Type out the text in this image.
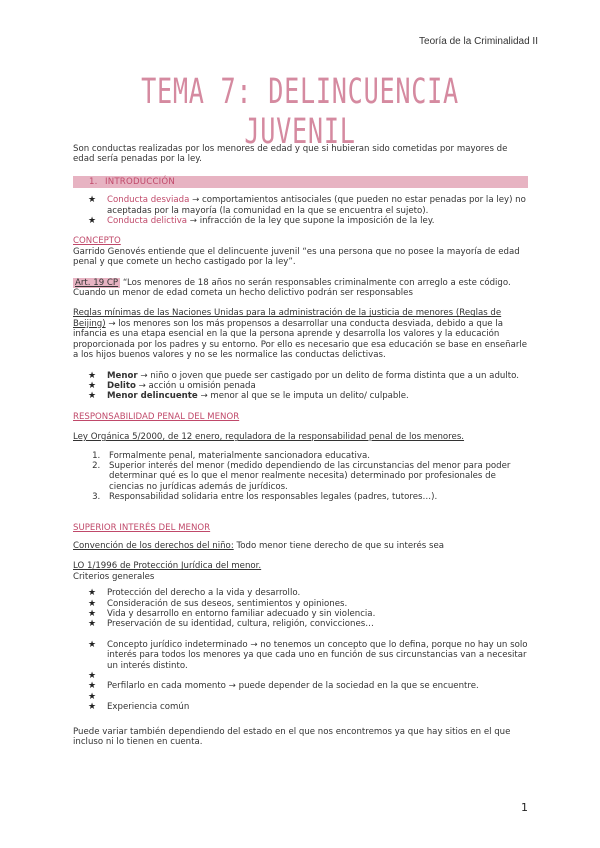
Teoría de la Criminalidad II
TEMA 7: DELINCUENCIA JUVENIL

Son conductas realizadas por los menores de edad y que si hubieran sido cometidas por mayores de edad sería penadas por la ley.

1. INTRODUCCIÓN
★ Conducta desviada → comportamientos antisociales (que pueden no estar penadas por la ley) no aceptadas por la mayoría (la comunidad en la que se encuentra el sujeto).
★ Conducta delictiva → infracción de la ley que supone la imposición de la ley.
CONCEPTO

Garrido Genovés entiende que el delincuente juvenil “es una persona que no posee la mayoría de edad penal y que comete un hecho castigado por la ley”.

Art. 19 CP “Los menores de 18 años no serán responsables criminalmente con arreglo a este código. Cuando un menor de edad cometa un hecho delictivo podrán ser responsables

Reglas mínimas de las Naciones Unidas para la administración de la justicia de menores (Reglas de Beijing) → los menores son los más propensos a desarrollar una conducta desviada, debido a que la infancia es una etapa esencial en la que la persona aprende y desarrolla los valores y la educación proporcionada por los padres y su entorno. Por ello es necesario que esa educación se base en enseñarle a los hijos buenos valores y no se les normalice las conductas delictivas.

★ Menor → niño o joven que puede ser castigado por un delito de forma distinta que a un adulto.
★ Delito → acción u omisión penada
★ Menor delincuente → menor al que se le imputa un delito/ culpable.
RESPONSABILIDAD PENAL DEL MENOR

Ley Orgánica 5/2000, de 12 enero, reguladora de la responsabilidad penal de los menores.

1. Formalmente penal, materialmente sancionadora educativa.
2. Superior interés del menor (medido dependiendo de las circunstancias del menor para poder determinar qué es lo que el menor realmente necesita) determinado por profesionales de ciencias no jurídicas además de jurídicos.
3. Responsabilidad solidaria entre los responsables legales (padres, tutores…).
SUPERIOR INTERÉS DEL MENOR

Convención de los derechos del niño: Todo menor tiene derecho de que su interés sea

LO 1/1996 de Protección Jurídica del menor.

Criterios generales

★ Protección del derecho a la vida y desarrollo.
★ Consideración de sus deseos, sentimientos y opiniones.
★ Vida y desarrollo en entorno familiar adecuado y sin violencia.
★ Preservación de su identidad, cultura, religión, convicciones…
★ Concepto jurídico indeterminado → no tenemos un concepto que lo defina, porque no hay un solo interés para todos los menores ya que cada uno en función de sus circunstancias van a necesitar un interés distinto.
★

★ Perfilarlo en cada momento → puede depender de la sociedad en la que se encuentre.
★

★ Experiencia común

Puede variar también dependiendo del estado en el que nos encontremos ya que hay sitios en el que incluso ni lo tienen en cuenta.

1
